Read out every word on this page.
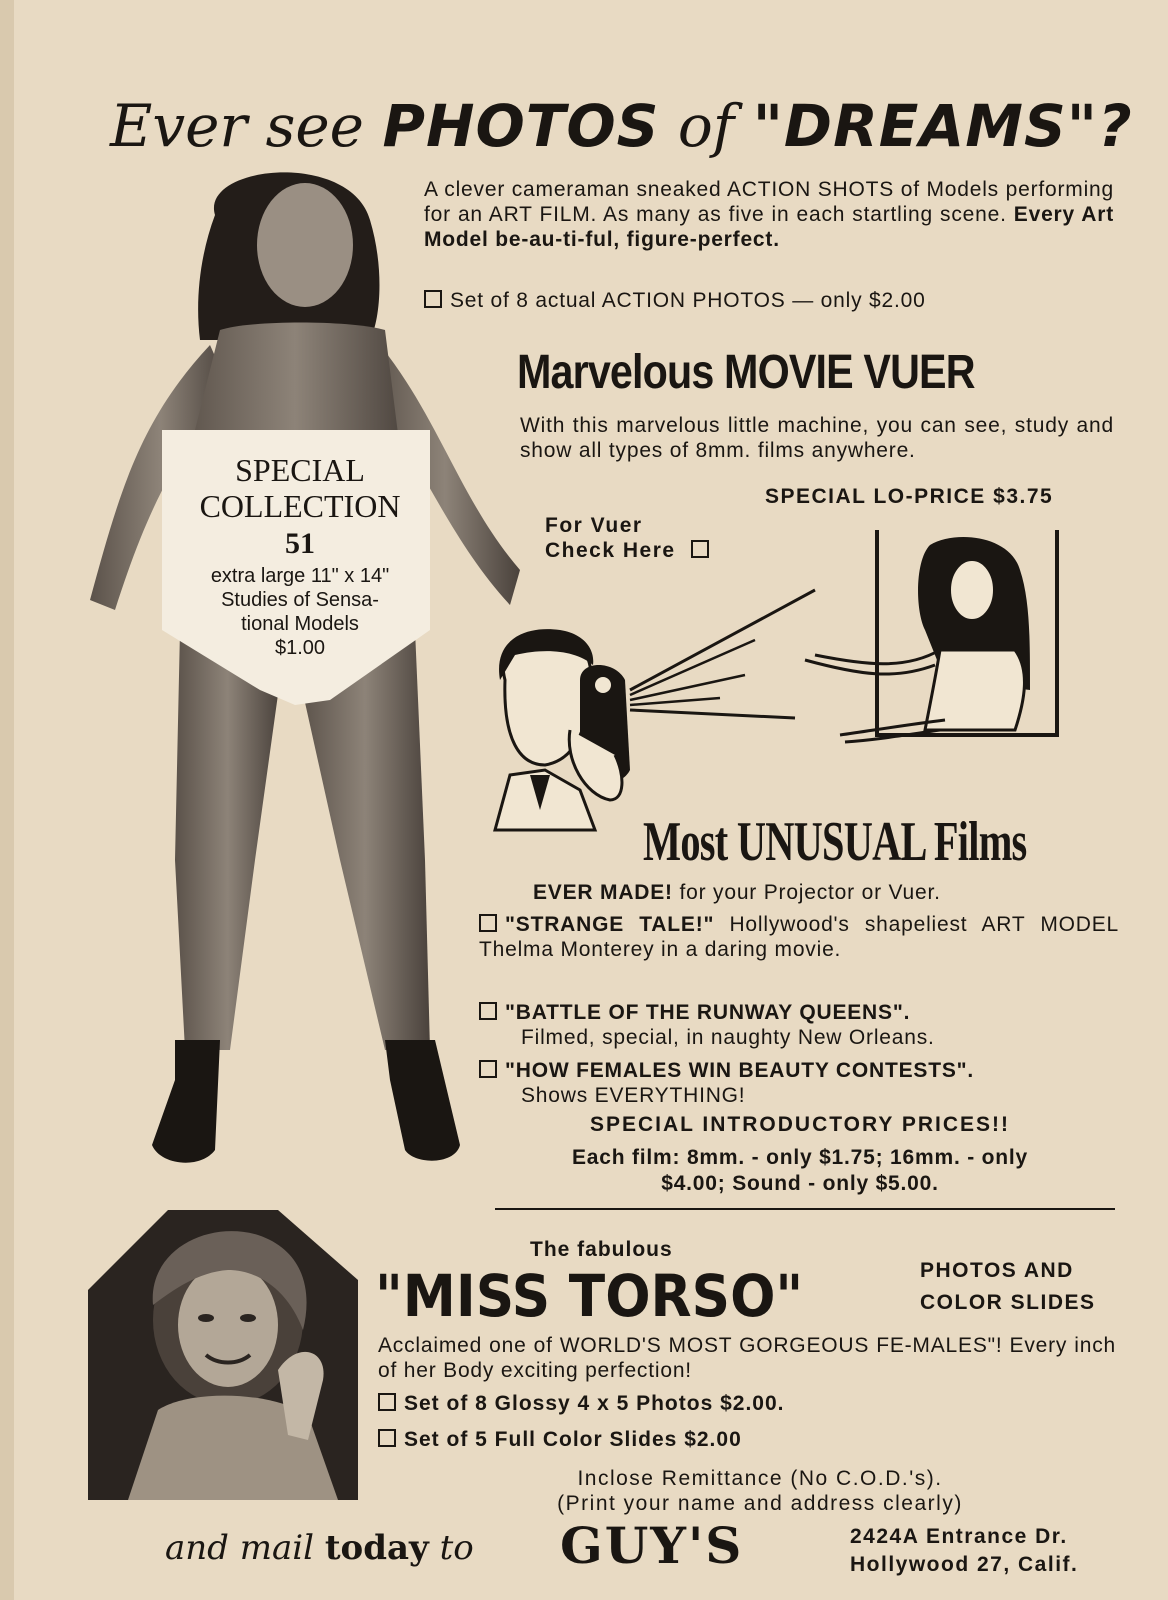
Ever see PHOTOS of "DREAMS"?
SPECIAL
COLLECTION
51
extra large 11" x 14"
Studies of Sensa-
tional Models
$1.00
A clever cameraman sneaked ACTION SHOTS of Models performing for an ART FILM. As many as five in each startling scene. Every Art Model be-au-ti-ful, figure-perfect.
Set of 8 actual ACTION PHOTOS — only $2.00
Marvelous MOVIE VUER
With this marvelous little machine, you can see, study and show all types of 8mm. films anywhere.
SPECIAL LO-PRICE $3.75
For Vuer
Check Here
Most UNUSUAL Films
EVER MADE! for your Projector or Vuer.
"STRANGE TALE!" Hollywood's shapeliest ART MODEL Thelma Monterey in a daring movie.
"BATTLE OF THE RUNWAY QUEENS".
Filmed, special, in naughty New Orleans.
"HOW FEMALES WIN BEAUTY CONTESTS".
Shows EVERYTHING!
SPECIAL INTRODUCTORY PRICES!!
Each film: 8mm. - only $1.75; 16mm. - only
$4.00; Sound - only $5.00.
The fabulous
"MISS TORSO"	PHOTOS AND
COLOR SLIDES
Acclaimed one of WORLD'S MOST GORGEOUS FE-MALES"! Every inch of her Body exciting perfection!
Set of 8 Glossy 4 x 5 Photos $2.00.
Set of 5 Full Color Slides $2.00
Inclose Remittance (No C.O.D.'s).
(Print your name and address clearly)
and mail today to GUY'S	2424A Entrance Dr.
Hollywood 27, Calif.
